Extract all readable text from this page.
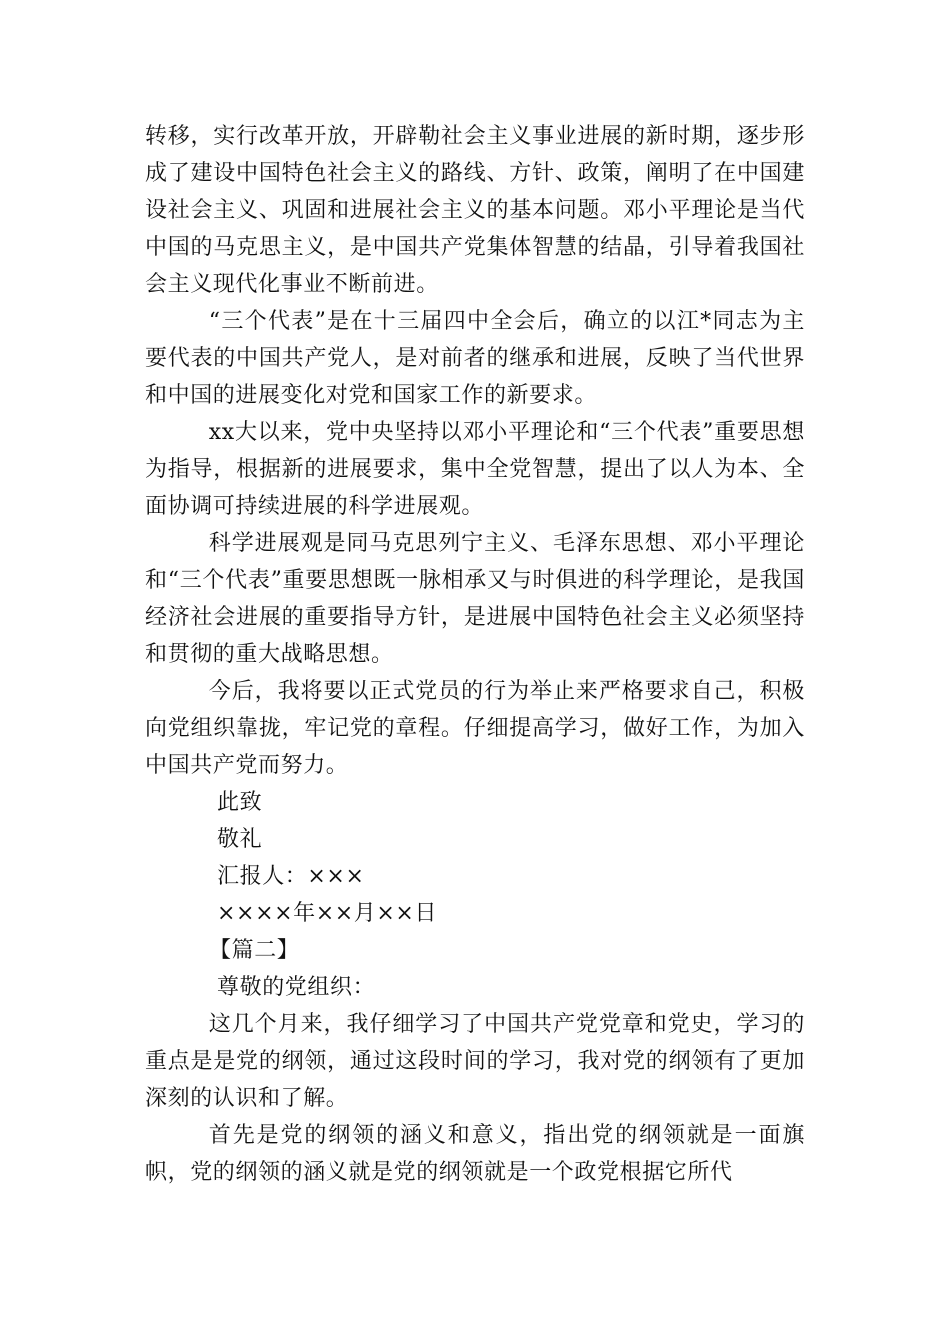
转移，实行改革开放，开辟勒社会主义事业进展的新时期，逐步形成了建设中国特色社会主义的路线、方针、政策，阐明了在中国建设社会主义、巩固和进展社会主义的基本问题。邓小平理论是当代中国的马克思主义，是中国共产党集体智慧的结晶，引导着我国社会主义现代化事业不断前进。

“三个代表”是在十三届四中全会后，确立的以江*同志为主要代表的中国共产党人，是对前者的继承和进展，反映了当代世界和中国的进展变化对党和国家工作的新要求。

xx大以来，党中央坚持以邓小平理论和“三个代表”重要思想为指导，根据新的进展要求，集中全党智慧，提出了以人为本、全面协调可持续进展的科学进展观。

科学进展观是同马克思列宁主义、毛泽东思想、邓小平理论和“三个代表”重要思想既一脉相承又与时俱进的科学理论，是我国经济社会进展的重要指导方针，是进展中国特色社会主义必须坚持和贯彻的重大战略思想。

今后，我将要以正式党员的行为举止来严格要求自己，积极向党组织靠拢，牢记党的章程。仔细提高学习，做好工作，为加入中国共产党而努力。

此致

敬礼

汇报人：×××

××××年××月××日

【篇二】

尊敬的党组织：

这几个月来，我仔细学习了中国共产党党章和党史，学习的重点是是党的纲领，通过这段时间的学习，我对党的纲领有了更加深刻的认识和了解。

首先是党的纲领的涵义和意义，指出党的纲领就是一面旗帜，党的纲领的涵义就是党的纲领就是一个政党根据它所代
